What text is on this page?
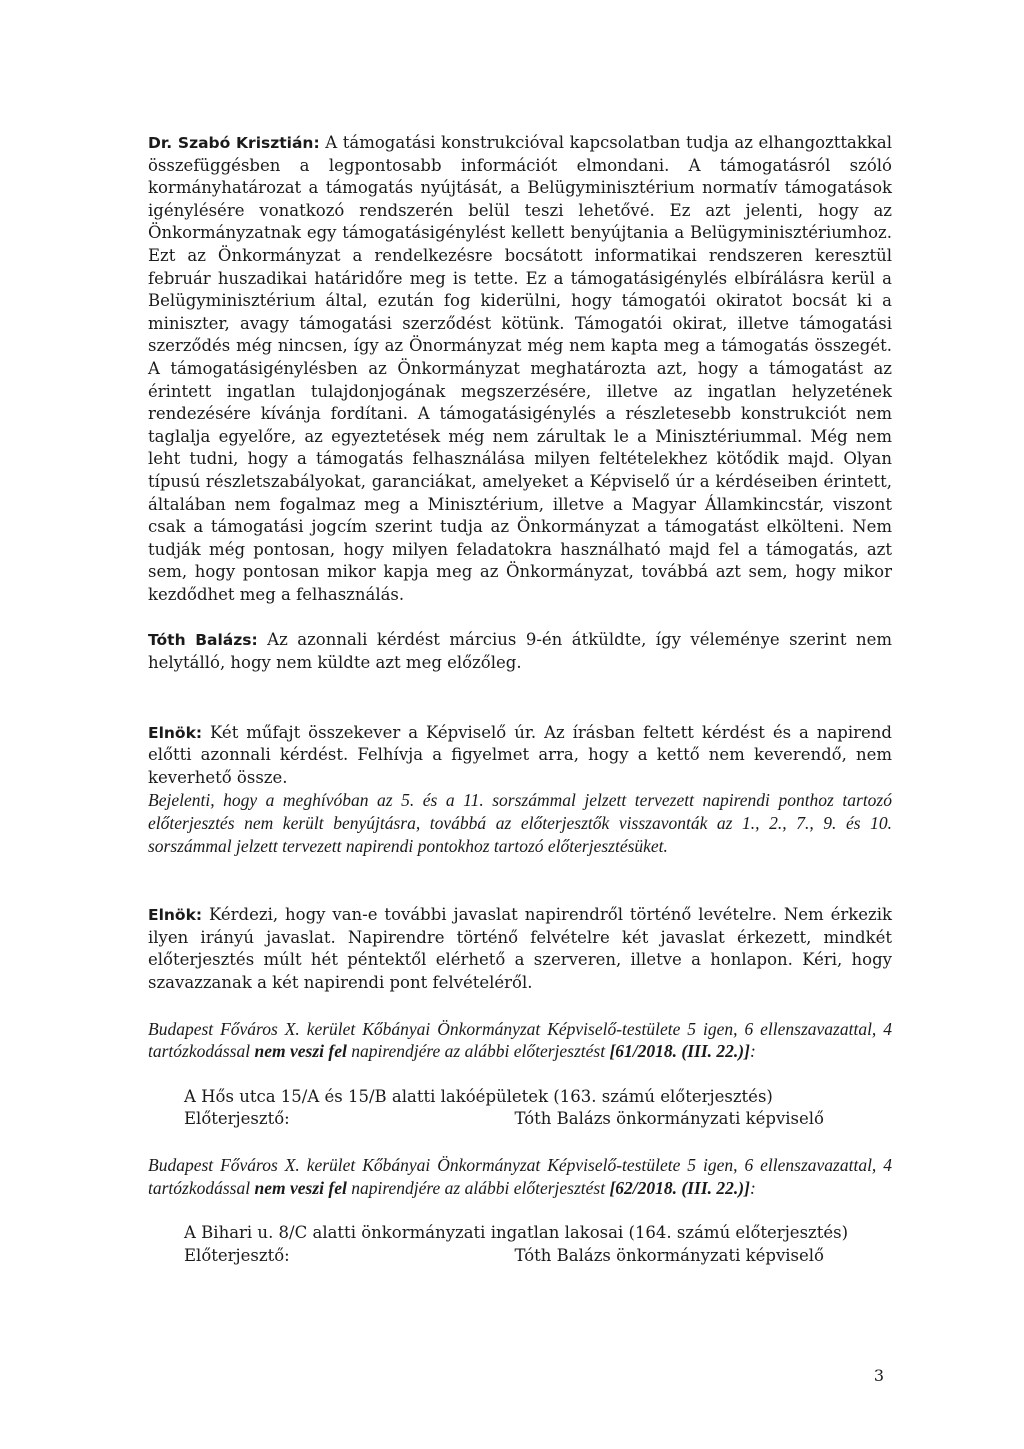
Dr. Szabó Krisztián: A támogatási konstrukcióval kapcsolatban tudja az elhangozttakkal összefüggésben a legpontosabb információt elmondani. A támogatásról szóló kormányhatározat a támogatás nyújtását, a Belügyminisztérium normatív támogatások igénylésére vonatkozó rendszerén belül teszi lehetővé. Ez azt jelenti, hogy az Önkormányzatnak egy támogatásigénylést kellett benyújtania a Belügyminisztériumhoz. Ezt az Önkormányzat a rendelkezésre bocsátott informatikai rendszeren keresztül február huszadikai határidőre meg is tette. Ez a támogatásigénylés elbírálásra kerül a Belügyminisztérium által, ezután fog kiderülni, hogy támogatói okiratot bocsát ki a miniszter, avagy támogatási szerződést kötünk. Támogatói okirat, illetve támogatási szerződés még nincsen, így az Önormányzat még nem kapta meg a támogatás összegét. A támogatásigénylésben az Önkormányzat meghatározta azt, hogy a támogatást az érintett ingatlan tulajdonjogának megszerzésére, illetve az ingatlan helyzetének rendezésére kívánja fordítani. A támogatásigénylés a részletesebb konstrukciót nem taglalja egyelőre, az egyeztetések még nem zárultak le a Minisztériummal. Még nem leht tudni, hogy a támogatás felhasználása milyen feltételekhez kötődik majd. Olyan típusú részletszabályokat, garanciákat, amelyeket a Képviselő úr a kérdéseiben érintett, általában nem fogalmaz meg a Minisztérium, illetve a Magyar Államkincstár, viszont csak a támogatási jogcím szerint tudja az Önkormányzat a támogatást elkölteni. Nem tudják még pontosan, hogy milyen feladatokra használható majd fel a támogatás, azt sem, hogy pontosan mikor kapja meg az Önkormányzat, továbbá azt sem, hogy mikor kezdődhet meg a felhasználás.

Tóth Balázs: Az azonnali kérdést március 9-én átküldte, így véleménye szerint nem helytálló, hogy nem küldte azt meg előzőleg.

Elnök: Két műfajt összekever a Képviselő úr. Az írásban feltett kérdést és a napirend előtti azonnali kérdést. Felhívja a figyelmet arra, hogy a kettő nem keverendő, nem keverhető össze.

Bejelenti, hogy a meghívóban az 5. és a 11. sorszámmal jelzett tervezett napirendi ponthoz tartozó előterjesztés nem került benyújtásra, továbbá az előterjesztők visszavonták az 1., 2., 7., 9. és 10. sorszámmal jelzett tervezett napirendi pontokhoz tartozó előterjesztésüket.

Elnök: Kérdezi, hogy van-e további javaslat napirendről történő levételre. Nem érkezik ilyen irányú javaslat. Napirendre történő felvételre két javaslat érkezett, mindkét előterjesztés múlt hét péntektől elérhető a szerveren, illetve a honlapon. Kéri, hogy szavazzanak a két napirendi pont felvételéről.

Budapest Főváros X. kerület Kőbányai Önkormányzat Képviselő-testülete 5 igen, 6 ellenszavazattal, 4 tartózkodással nem veszi fel napirendjére az alábbi előterjesztést [61/2018. (III. 22.)]:

A Hős utca 15/A és 15/B alatti lakóépületek (163. számú előterjesztés)
Előterjesztő:	Tóth Balázs önkormányzati képviselő

Budapest Főváros X. kerület Kőbányai Önkormányzat Képviselő-testülete 5 igen, 6 ellenszavazattal, 4 tartózkodással nem veszi fel napirendjére az alábbi előterjesztést [62/2018. (III. 22.)]:

A Bihari u. 8/C alatti önkormányzati ingatlan lakosai (164. számú előterjesztés)
Előterjesztő:	Tóth Balázs önkormányzati képviselő
3
